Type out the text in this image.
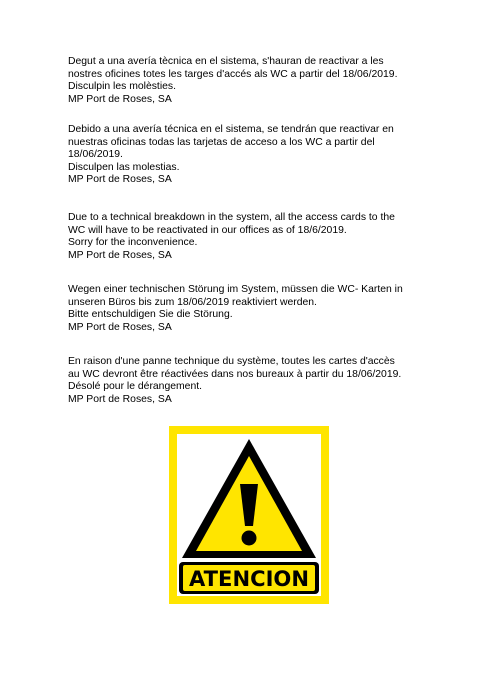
Degut a una avería tècnica en el sistema, s'hauran de reactivar a les
nostres oficines totes les targes d'accés als WC a partir del 18/06/2019.
Disculpin les molèsties.
MP Port de Roses, SA
Debido a una avería técnica en el sistema, se tendrán que reactivar en
nuestras oficinas todas las tarjetas de acceso a los WC a partir del
18/06/2019.
Disculpen las molestias.
MP Port de Roses, SA
Due to a technical breakdown in the system, all the access cards to the
WC will have to be reactivated in our offices as of 18/6/2019.
Sorry for the inconvenience.
MP Port de Roses, SA
Wegen einer technischen Störung im System, müssen die WC- Karten in
unseren Büros bis zum 18/06/2019 reaktiviert werden.
Bitte entschuldigen Sie die Störung.
MP Port de Roses, SA
En raison d'une panne technique du système, toutes les cartes d'accès
au WC devront être réactivées dans nos bureaux à partir du 18/06/2019.
Désolé pour le dérangement.
MP Port de Roses, SA
ATENCION
